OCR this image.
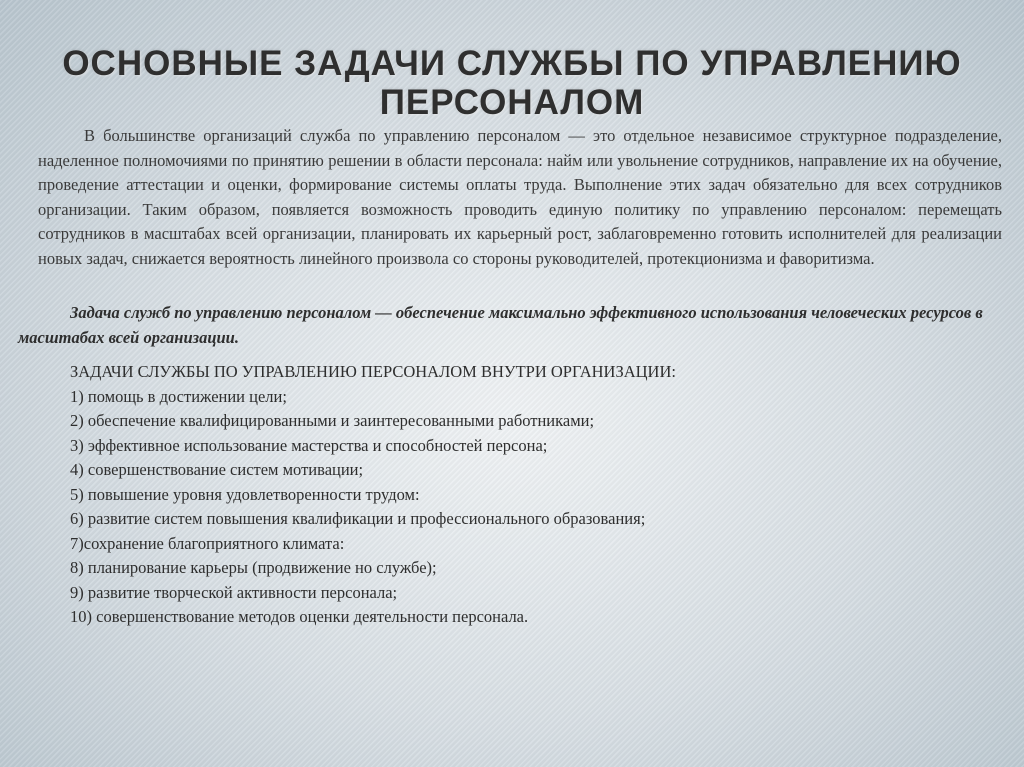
ОСНОВНЫЕ ЗАДАЧИ СЛУЖБЫ ПО УПРАВЛЕНИЮ ПЕРСОНАЛОМ

В большинстве организаций служба по управлению персоналом — это отдельное независимое структурное подразделение, наделенное полномочиями по принятию решении в области персонала: найм или увольнение сотрудников, направление их на обучение, проведение аттестации и оценки, формирование системы оплаты труда. Выполнение этих задач обязательно для всех сотрудников организации. Таким образом, появляется возможность проводить единую политику по управлению персоналом: перемещать сотрудников в масштабах всей организации, планировать их карьерный рост, заблаговременно готовить исполнителей для реализации новых задач, снижается вероятность линейного произвола со стороны руководителей, протекционизма и фаворитизма.

Задача служб по управлению персоналом — обеспечение максимально эффективного использования человеческих ресурсов в масштабах всей организации.

ЗАДАЧИ СЛУЖБЫ ПО УПРАВЛЕНИЮ ПЕРСОНАЛОМ ВНУТРИ ОРГАНИЗАЦИИ:
1) помощь в достижении цели;
2) обеспечение квалифицированными и заинтересованными работниками;
3) эффективное использование мастерства и способностей персона;
4) совершенствование систем мотивации;
5) повышение уровня удовлетворенности трудом:
6) развитие систем повышения квалификации и профессионального образования;
7)сохранение благоприятного климата:
8) планирование карьеры (продвижение но службе);
9) развитие творческой активности персонала;
10) совершенствование методов оценки деятельности персонала.
